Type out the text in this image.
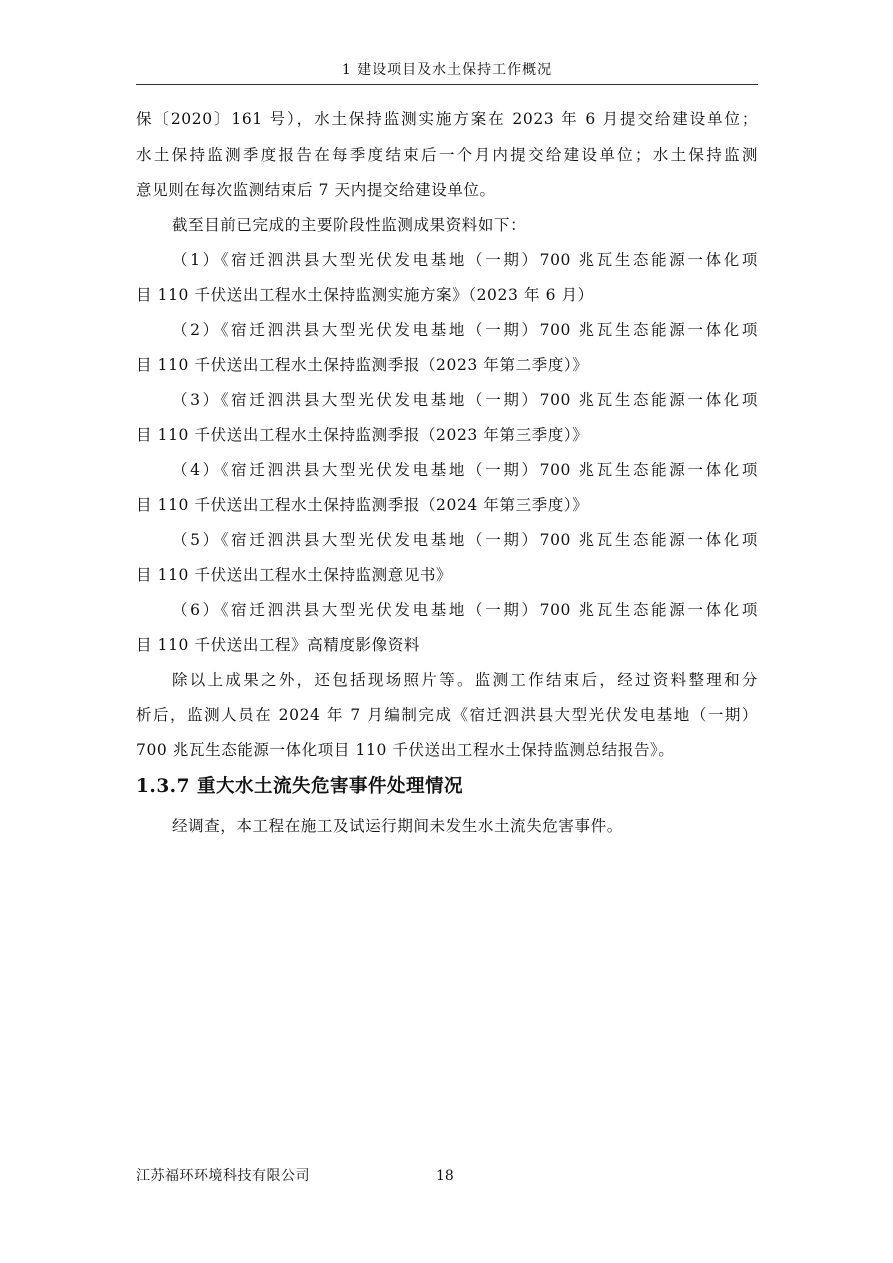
1 建设项目及水土保持工作概况
保〔2020〕161 号），水土保持监测实施方案在 2023 年 6 月提交给建设单位；
水土保持监测季度报告在每季度结束后一个月内提交给建设单位；水土保持监测
意见则在每次监测结束后 7 天内提交给建设单位。
截至目前已完成的主要阶段性监测成果资料如下：
（1）《宿迁泗洪县大型光伏发电基地（一期）700 兆瓦生态能源一体化项
目 110 千伏送出工程水土保持监测实施方案》（2023 年 6 月）
（2）《宿迁泗洪县大型光伏发电基地（一期）700 兆瓦生态能源一体化项
目 110 千伏送出工程水土保持监测季报（2023 年第二季度）》
（3）《宿迁泗洪县大型光伏发电基地（一期）700 兆瓦生态能源一体化项
目 110 千伏送出工程水土保持监测季报（2023 年第三季度）》
（4）《宿迁泗洪县大型光伏发电基地（一期）700 兆瓦生态能源一体化项
目 110 千伏送出工程水土保持监测季报（2024 年第三季度）》
（5）《宿迁泗洪县大型光伏发电基地（一期）700 兆瓦生态能源一体化项
目 110 千伏送出工程水土保持监测意见书》
（6）《宿迁泗洪县大型光伏发电基地（一期）700 兆瓦生态能源一体化项
目 110 千伏送出工程》高精度影像资料
除以上成果之外，还包括现场照片等。监测工作结束后，经过资料整理和分
析后，监测人员在 2024 年 7 月编制完成《宿迁泗洪县大型光伏发电基地（一期）
700 兆瓦生态能源一体化项目 110 千伏送出工程水土保持监测总结报告》。
1.3.7 重大水土流失危害事件处理情况
经调查，本工程在施工及试运行期间未发生水土流失危害事件。
江苏福环环境科技有限公司	18
